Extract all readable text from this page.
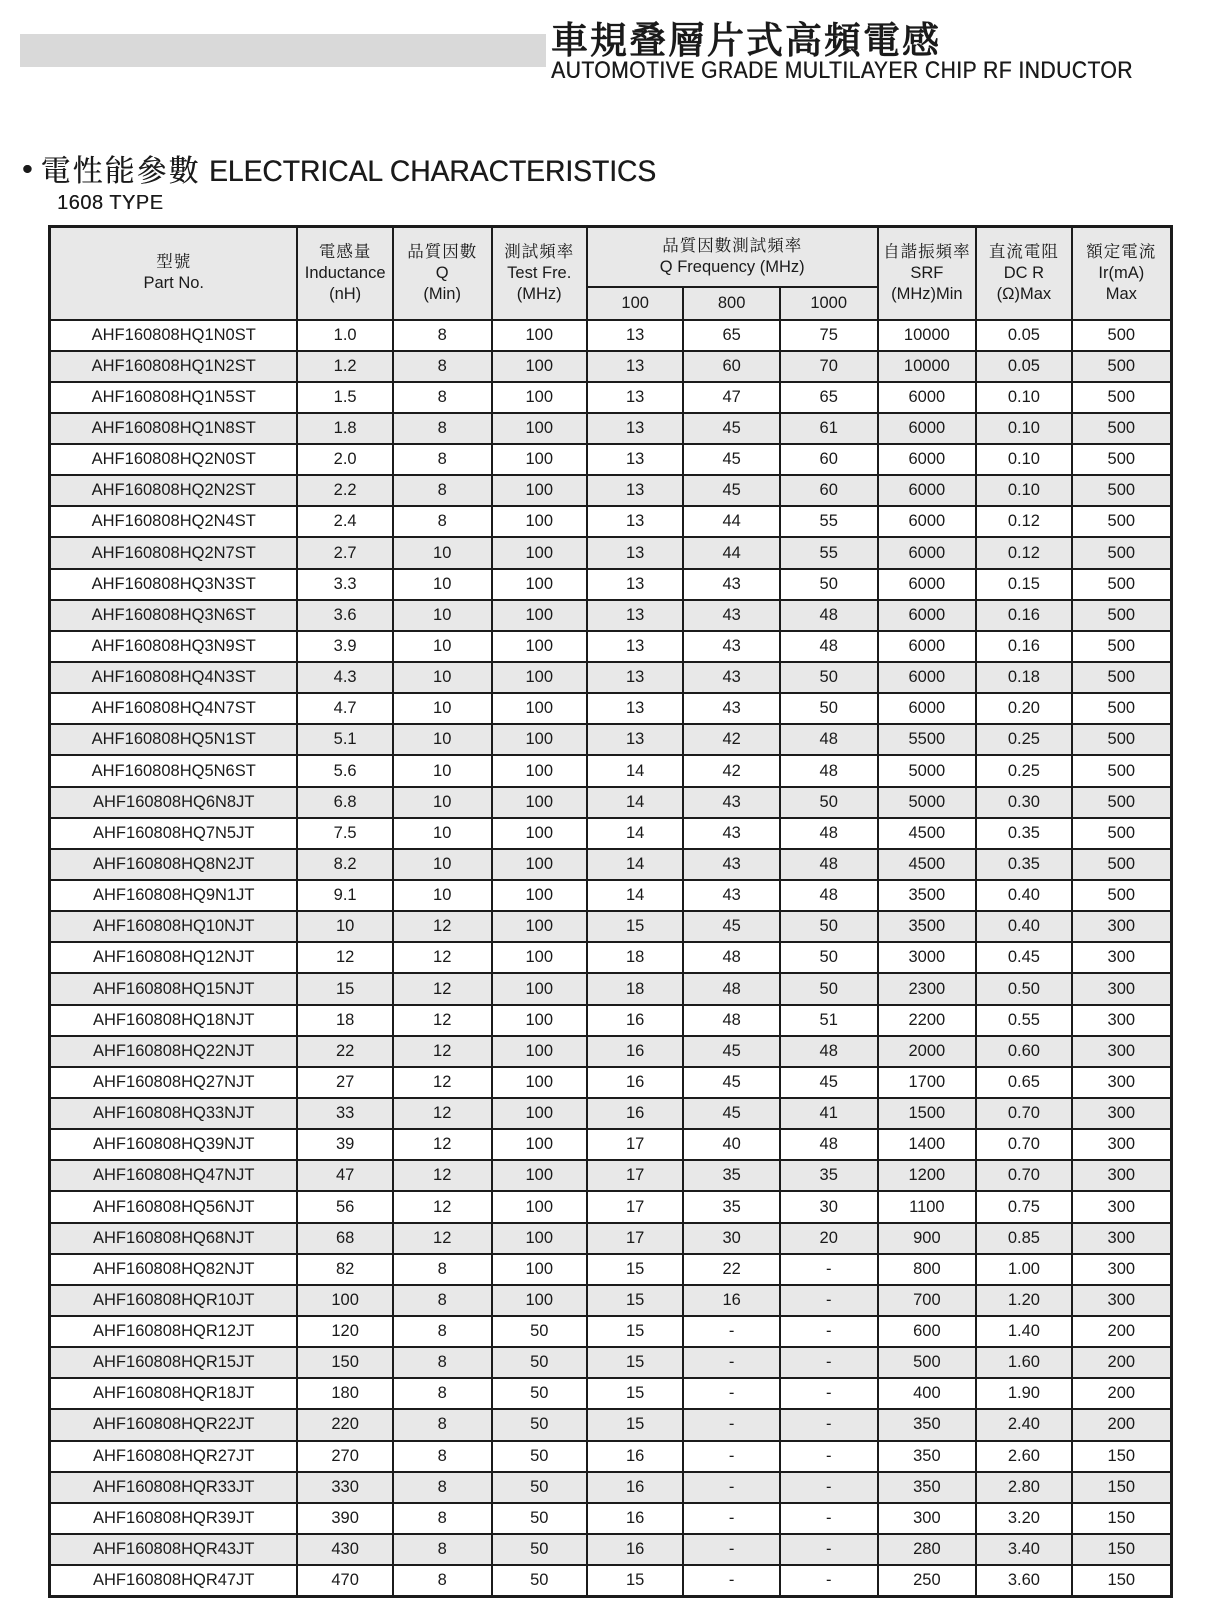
車規叠層片式高頻電感
AUTOMOTIVE GRADE MULTILAYER CHIP RF INDUCTOR
• 電性能參數 ELECTRICAL CHARACTERISTICS
1608 TYPE
型號
Part No.

電感量
Inductance
(nH)

品質因數
Q
(Min)

測試頻率
Test Fre.
(MHz)

品質因數測試頻率
Q Frequency (MHz)

自諧振頻率
SRF
(MHz)Min

直流電阻
DC R
(Ω)Max

額定電流
Ir(mA)
Max

				100	800	1000			
AHF160808HQ1N0ST	1.0	8	100	13	65	75	10000	0.05	500
AHF160808HQ1N2ST	1.2	8	100	13	60	70	10000	0.05	500
AHF160808HQ1N5ST	1.5	8	100	13	47	65	6000	0.10	500
AHF160808HQ1N8ST	1.8	8	100	13	45	61	6000	0.10	500
AHF160808HQ2N0ST	2.0	8	100	13	45	60	6000	0.10	500
AHF160808HQ2N2ST	2.2	8	100	13	45	60	6000	0.10	500
AHF160808HQ2N4ST	2.4	8	100	13	44	55	6000	0.12	500
AHF160808HQ2N7ST	2.7	10	100	13	44	55	6000	0.12	500
AHF160808HQ3N3ST	3.3	10	100	13	43	50	6000	0.15	500
AHF160808HQ3N6ST	3.6	10	100	13	43	48	6000	0.16	500
AHF160808HQ3N9ST	3.9	10	100	13	43	48	6000	0.16	500
AHF160808HQ4N3ST	4.3	10	100	13	43	50	6000	0.18	500
AHF160808HQ4N7ST	4.7	10	100	13	43	50	6000	0.20	500
AHF160808HQ5N1ST	5.1	10	100	13	42	48	5500	0.25	500
AHF160808HQ5N6ST	5.6	10	100	14	42	48	5000	0.25	500
AHF160808HQ6N8JT	6.8	10	100	14	43	50	5000	0.30	500
AHF160808HQ7N5JT	7.5	10	100	14	43	48	4500	0.35	500
AHF160808HQ8N2JT	8.2	10	100	14	43	48	4500	0.35	500
AHF160808HQ9N1JT	9.1	10	100	14	43	48	3500	0.40	500
AHF160808HQ10NJT	10	12	100	15	45	50	3500	0.40	300
AHF160808HQ12NJT	12	12	100	18	48	50	3000	0.45	300
AHF160808HQ15NJT	15	12	100	18	48	50	2300	0.50	300
AHF160808HQ18NJT	18	12	100	16	48	51	2200	0.55	300
AHF160808HQ22NJT	22	12	100	16	45	48	2000	0.60	300
AHF160808HQ27NJT	27	12	100	16	45	45	1700	0.65	300
AHF160808HQ33NJT	33	12	100	16	45	41	1500	0.70	300
AHF160808HQ39NJT	39	12	100	17	40	48	1400	0.70	300
AHF160808HQ47NJT	47	12	100	17	35	35	1200	0.70	300
AHF160808HQ56NJT	56	12	100	17	35	30	1100	0.75	300
AHF160808HQ68NJT	68	12	100	17	30	20	900	0.85	300
AHF160808HQ82NJT	82	8	100	15	22	-	800	1.00	300
AHF160808HQR10JT	100	8	100	15	16	-	700	1.20	300
AHF160808HQR12JT	120	8	50	15	-	-	600	1.40	200
AHF160808HQR15JT	150	8	50	15	-	-	500	1.60	200
AHF160808HQR18JT	180	8	50	15	-	-	400	1.90	200
AHF160808HQR22JT	220	8	50	15	-	-	350	2.40	200
AHF160808HQR27JT	270	8	50	16	-	-	350	2.60	150
AHF160808HQR33JT	330	8	50	16	-	-	350	2.80	150
AHF160808HQR39JT	390	8	50	16	-	-	300	3.20	150
AHF160808HQR43JT	430	8	50	16	-	-	280	3.40	150
AHF160808HQR47JT	470	8	50	15	-	-	250	3.60	150
